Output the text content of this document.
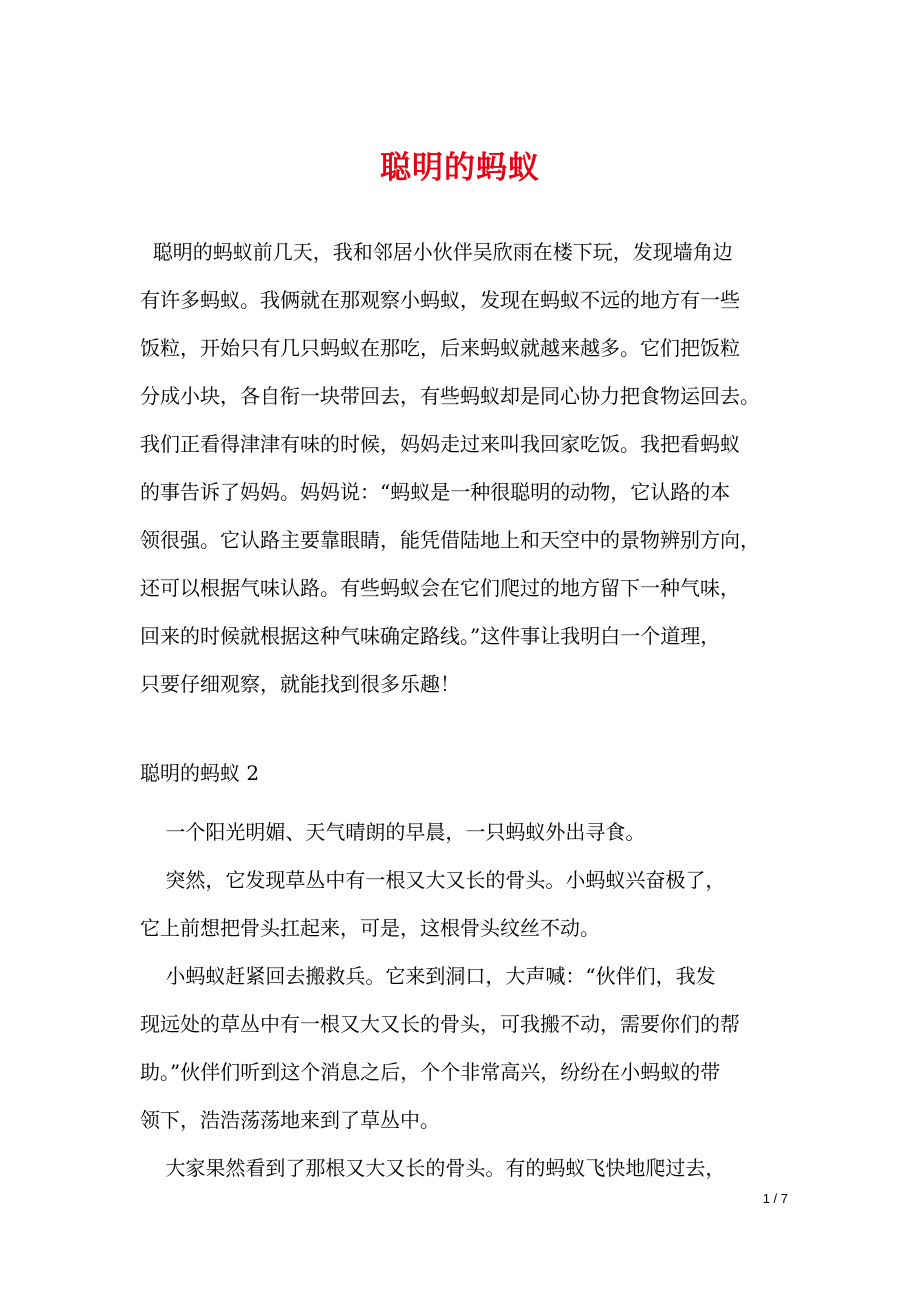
聪明的蚂蚁
聪明的蚂蚁前几天，我和邻居小伙伴吴欣雨在楼下玩，发现墙角边
有许多蚂蚁。我俩就在那观察小蚂蚁，发现在蚂蚁不远的地方有一些
饭粒，开始只有几只蚂蚁在那吃，后来蚂蚁就越来越多。它们把饭粒
分成小块，各自衔一块带回去，有些蚂蚁却是同心协力把食物运回去。
我们正看得津津有味的时候，妈妈走过来叫我回家吃饭。我把看蚂蚁
的事告诉了妈妈。妈妈说：“蚂蚁是一种很聪明的动物，它认路的本
领很强。它认路主要靠眼睛，能凭借陆地上和天空中的景物辨别方向，
还可以根据气味认路。有些蚂蚁会在它们爬过的地方留下一种气味，
回来的时候就根据这种气味确定路线。”这件事让我明白一个道理，
只要仔细观察，就能找到很多乐趣！
聪明的蚂蚁 2
一个阳光明媚、天气晴朗的早晨，一只蚂蚁外出寻食。
突然，它发现草丛中有一根又大又长的骨头。小蚂蚁兴奋极了，
它上前想把骨头扛起来，可是，这根骨头纹丝不动。
小蚂蚁赶紧回去搬救兵。它来到洞口，大声喊：“伙伴们，我发
现远处的草丛中有一根又大又长的骨头，可我搬不动，需要你们的帮
助。”伙伴们听到这个消息之后，个个非常高兴，纷纷在小蚂蚁的带
领下，浩浩荡荡地来到了草丛中。
大家果然看到了那根又大又长的骨头。有的蚂蚁飞快地爬过去，
1 / 7
